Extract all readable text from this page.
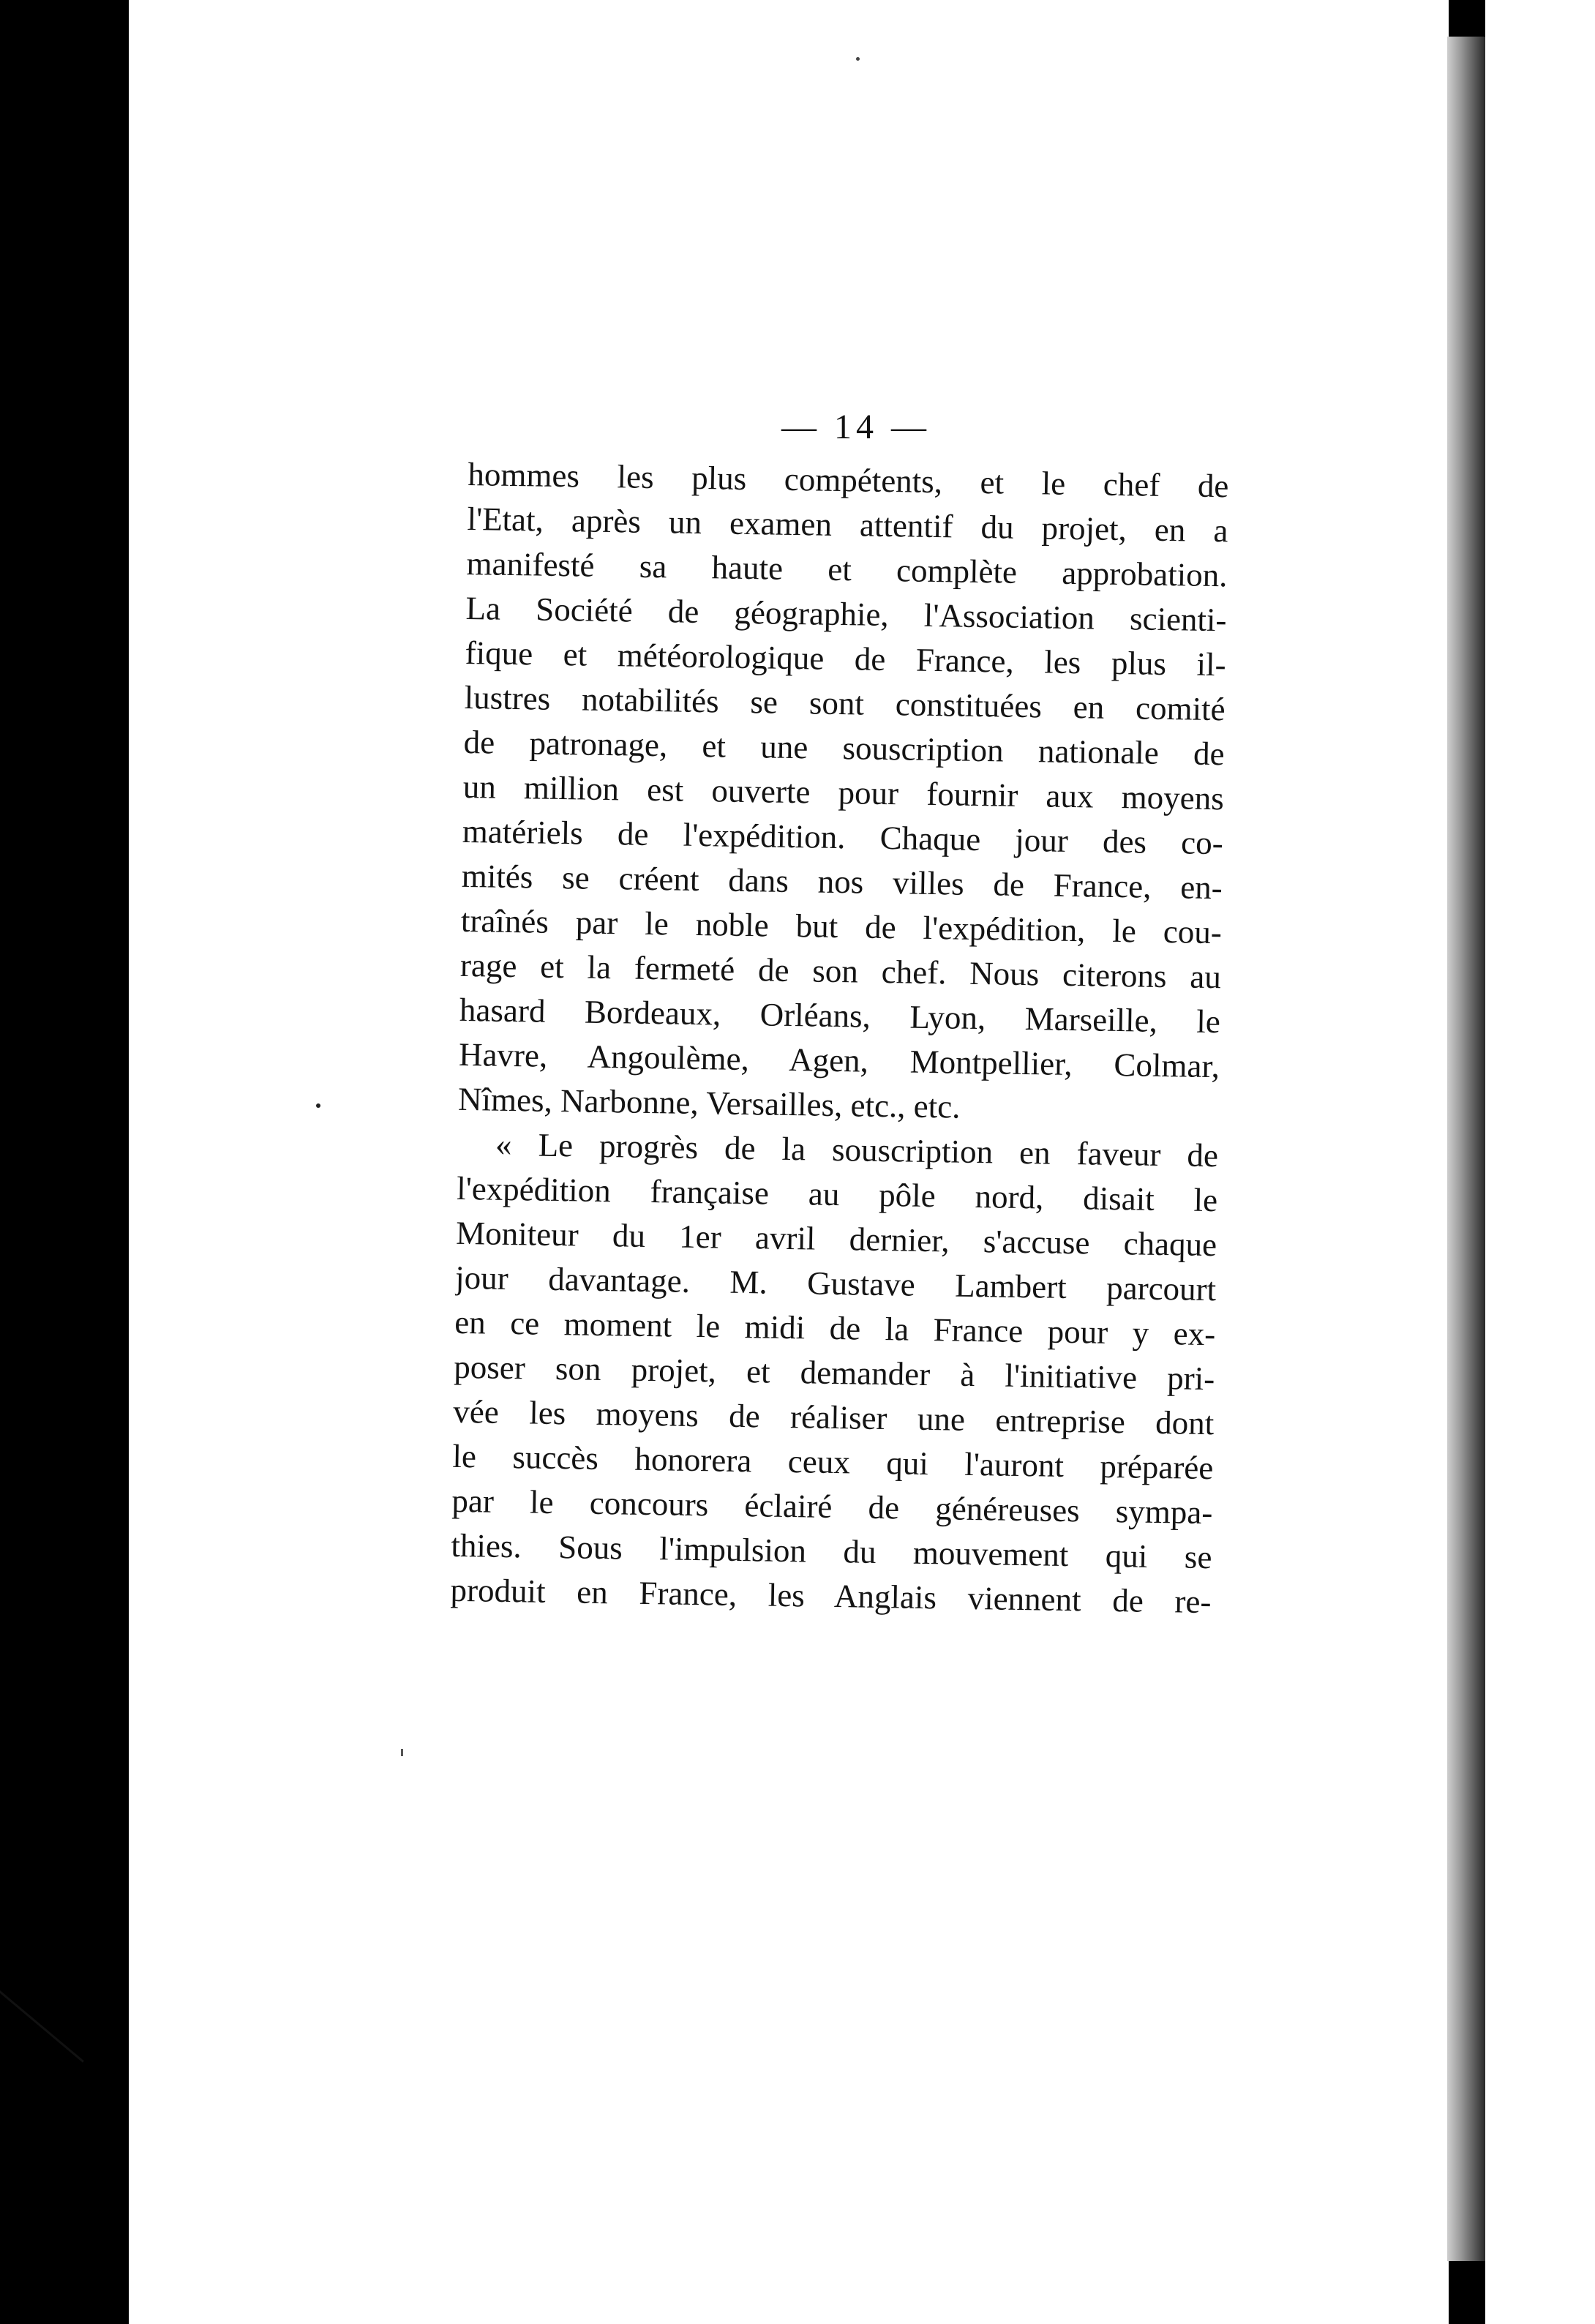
— 14 —
hommes les plus compétents, et le chef de
l'Etat, après un examen attentif du projet, en a
manifesté sa haute et complète approbation.
La Société de géographie, l'Association scienti-
fique et météorologique de France, les plus il-
lustres notabilités se sont constituées en comité
de patronage, et une souscription nationale de
un million est ouverte pour fournir aux moyens
matériels de l'expédition. Chaque jour des co-
mités se créent dans nos villes de France, en-
traînés par le noble but de l'expédition, le cou-
rage et la fermeté de son chef. Nous citerons au
hasard Bordeaux, Orléans, Lyon, Marseille, le
Havre, Angoulème, Agen, Montpellier, Colmar,
Nîmes, Narbonne, Versailles, etc., etc.
« Le progrès de la souscription en faveur de
l'expédition française au pôle nord, disait le
Moniteur du 1er avril dernier, s'accuse chaque
jour davantage. M. Gustave Lambert parcourt
en ce moment le midi de la France pour y ex-
poser son projet, et demander à l'initiative pri-
vée les moyens de réaliser une entreprise dont
le succès honorera ceux qui l'auront préparée
par le concours éclairé de généreuses sympa-
thies. Sous l'impulsion du mouvement qui se
produit en France, les Anglais viennent de re-
